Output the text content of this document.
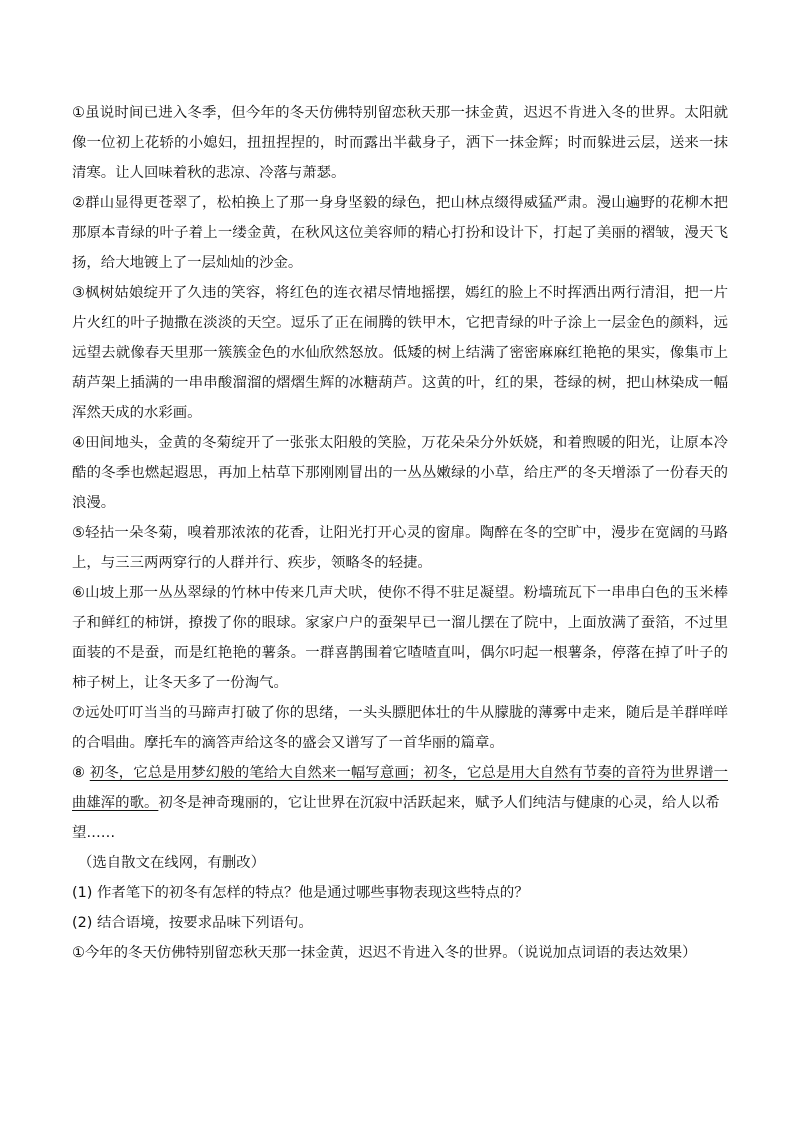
①虽说时间已进入冬季，但今年的冬天仿佛特别留恋秋天那一抹金黄，迟迟不肯进入冬的世界。太阳就像一位初上花轿的小媳妇，扭扭捏捏的，时而露出半截身子，洒下一抹金辉；时而躲进云层，送来一抹清寒。让人回味着秋的悲凉、冷落与萧瑟。

②群山显得更苍翠了，松柏换上了那一身身坚毅的绿色，把山林点缀得威猛严肃。漫山遍野的花柳木把那原本青绿的叶子着上一缕金黄，在秋风这位美容师的精心打扮和设计下，打起了美丽的褶皱，漫天飞扬，给大地镀上了一层灿灿的沙金。

③枫树姑娘绽开了久违的笑容，将红色的连衣裙尽情地摇摆，嫣红的脸上不时挥洒出两行清泪，把一片片火红的叶子抛撒在淡淡的天空。逗乐了正在闹腾的铁甲木，它把青绿的叶子涂上一层金色的颜料，远远望去就像春天里那一簇簇金色的水仙欣然怒放。低矮的树上结满了密密麻麻红艳艳的果实，像集市上葫芦架上插满的一串串酸溜溜的熠熠生辉的冰糖葫芦。这黄的叶，红的果，苍绿的树，把山林染成一幅浑然天成的水彩画。

④田间地头，金黄的冬菊绽开了一张张太阳般的笑脸，万花朵朵分外妖娆，和着煦暖的阳光，让原本冷酷的冬季也燃起遐思，再加上枯草下那刚刚冒出的一丛丛嫩绿的小草，给庄严的冬天增添了一份春天的浪漫。

⑤轻拈一朵冬菊，嗅着那浓浓的花香，让阳光打开心灵的窗扉。陶醉在冬的空旷中，漫步在宽阔的马路上，与三三两两穿行的人群并行、疾步，领略冬的轻捷。

⑥山坡上那一丛丛翠绿的竹林中传来几声犬吠，使你不得不驻足凝望。粉墙琉瓦下一串串白色的玉米棒子和鲜红的柿饼，撩拨了你的眼球。家家户户的蚕架早已一溜儿摆在了院中，上面放满了蚕箔，不过里面装的不是蚕，而是红艳艳的薯条。一群喜鹊围着它喳喳直叫，偶尔叼起一根薯条，停落在掉了叶子的柿子树上，让冬天多了一份淘气。

⑦远处叮叮当当的马蹄声打破了你的思绪，一头头膘肥体壮的牛从朦胧的薄雾中走来，随后是羊群咩咩的合唱曲。摩托车的滴答声给这冬的盛会又谱写了一首华丽的篇章。

⑧ 初冬，它总是用梦幻般的笔给大自然来一幅写意画；初冬，它总是用大自然有节奏的音符为世界谱一曲雄浑的歌。初冬是神奇瑰丽的，它让世界在沉寂中活跃起来，赋予人们纯洁与健康的心灵，给人以希
望……

（选自散文在线网，有删改）

(1) 作者笔下的初冬有怎样的特点？他是通过哪些事物表现这些特点的？

(2) 结合语境，按要求品味下列语句。

①今年的冬天仿佛特别留恋秋天那一抹金黄，迟迟不肯进入冬的世界。（说说加点词语的表达效果）
